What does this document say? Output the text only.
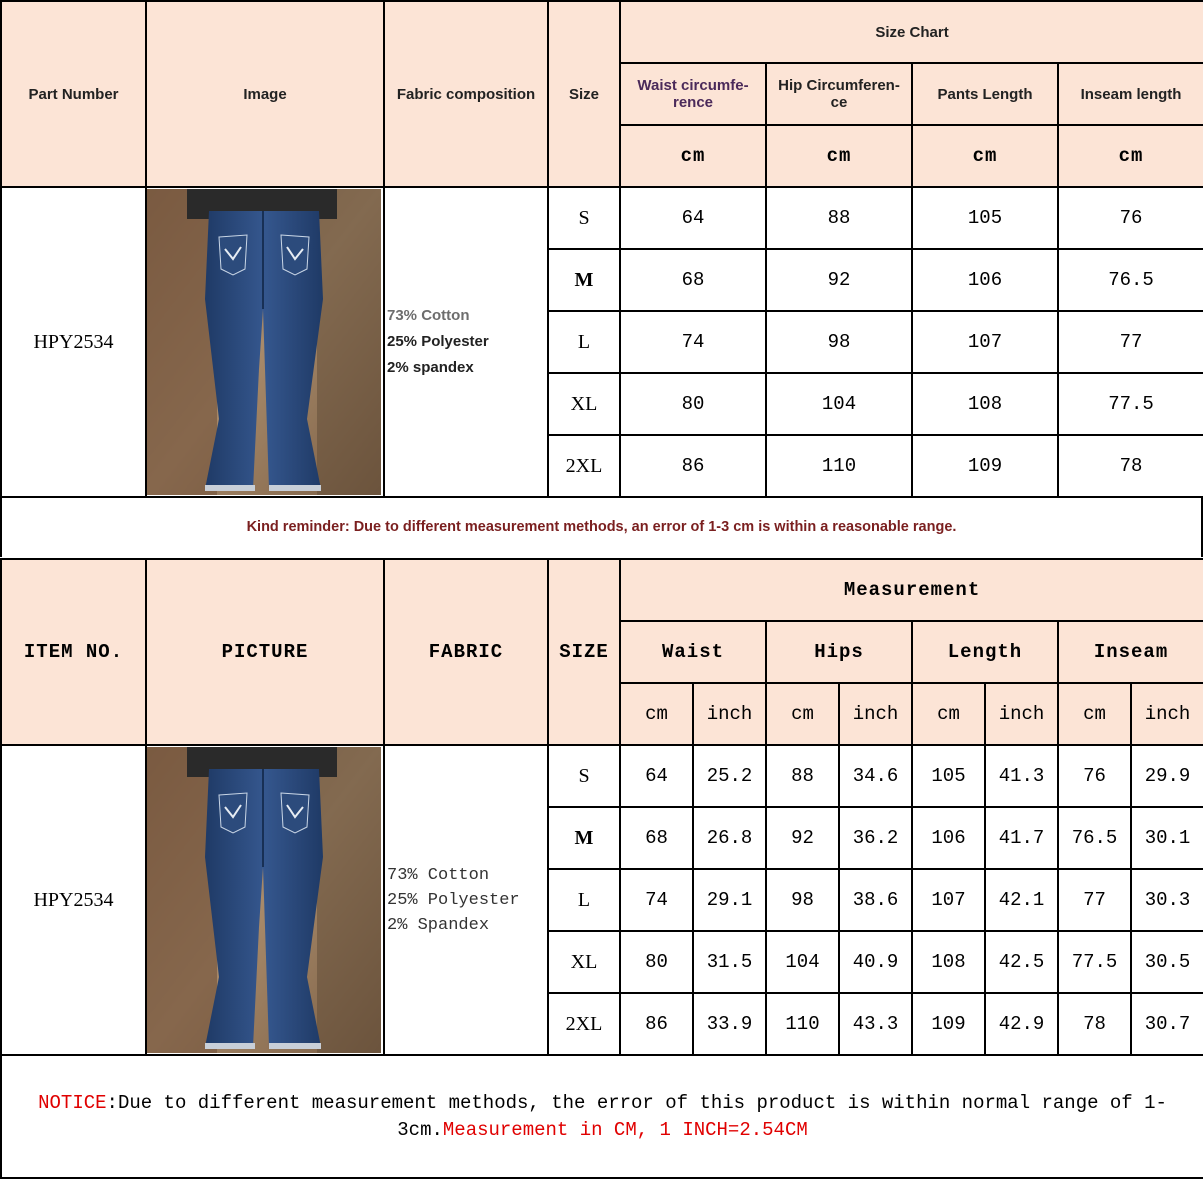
Part Number	Image	Fabric composition	Size	Size Chart			
				Waist circumfe-rence	Hip Circumferen-ce	Pants Length	Inseam length
				cm	cm	cm	cm
HPY2534		73% Cotton
25% Polyester
2% spandex	S	64	88	105	76
			M	68	92	106	76.5
			L	74	98	107	77
			XL	80	104	108	77.5
			2XL	86	110	109	78
Kind reminder: Due to different measurement methods, an error of 1-3 cm is within a reasonable range.
ITEM NO.	PICTURE	FABRIC	SIZE	Measurement							
				Waist		Hips		Length		Inseam	
				cm	inch	cm	inch	cm	inch	cm	inch
HPY2534		73% Cotton
25% Polyester
2% Spandex	S	64	25.2	88	34.6	105	41.3	76	29.9
			M	68	26.8	92	36.2	106	41.7	76.5	30.1
			L	74	29.1	98	38.6	107	42.1	77	30.3
			XL	80	31.5	104	40.9	108	42.5	77.5	30.5
			2XL	86	33.9	110	43.3	109	42.9	78	30.7
NOTICE:Due to different measurement methods, the error of this product is within normal range of 1-3cm.Measurement in CM, 1 INCH=2.54CM											
